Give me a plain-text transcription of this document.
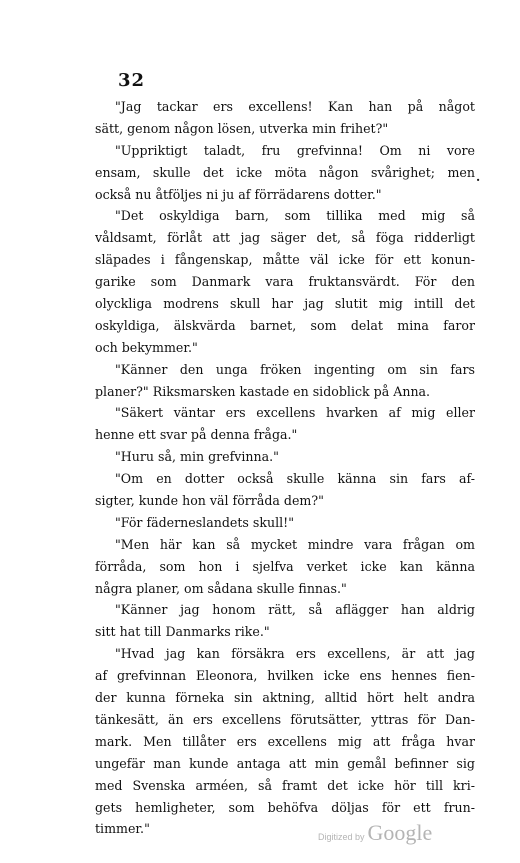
32
.
"Jag tackar ers excellens! Kan han på något
sätt, genom någon lösen, utverka min frihet?"
"Uppriktigt taladt, fru grefvinna! Om ni vore
ensam, skulle det icke möta någon svårighet; men
också nu åtföljes ni ju af förrädarens dotter."
"Det oskyldiga barn, som tillika med mig så
våldsamt, förlåt att jag säger det, så föga ridderligt
släpades i fångenskap, måtte väl icke för ett konun-
garike som Danmark vara fruktansvärdt. För den
olyckliga modrens skull har jag slutit mig intill det
oskyldiga, älskvärda barnet, som delat mina faror
och bekymmer."
"Känner den unga fröken ingenting om sin fars
planer?" Riksmarsken kastade en sidoblick på Anna.
"Säkert väntar ers excellens hvarken af mig eller
henne ett svar på denna fråga."
"Huru så, min grefvinna."
"Om en dotter också skulle känna sin fars af-
sigter, kunde hon väl förråda dem?"
"För fäderneslandets skull!"
"Men här kan så mycket mindre vara frågan om
förråda, som hon i sjelfva verket icke kan känna
några planer, om sådana skulle finnas."
"Känner jag honom rätt, så aflägger han aldrig
sitt hat till Danmarks rike."
"Hvad jag kan försäkra ers excellens, är att jag
af grefvinnan Eleonora, hvilken icke ens hennes fien-
der kunna förneka sin aktning, alltid hört helt andra
tänkesätt, än ers excellens förutsätter, yttras för Dan-
mark. Men tillåter ers excellens mig att fråga hvar
ungefär man kunde antaga att min gemål befinner sig
med Svenska arméen, så framt det icke hör till kri-
gets hemligheter, som behöfva döljas för ett frun-
timmer."
Digitized by Google
